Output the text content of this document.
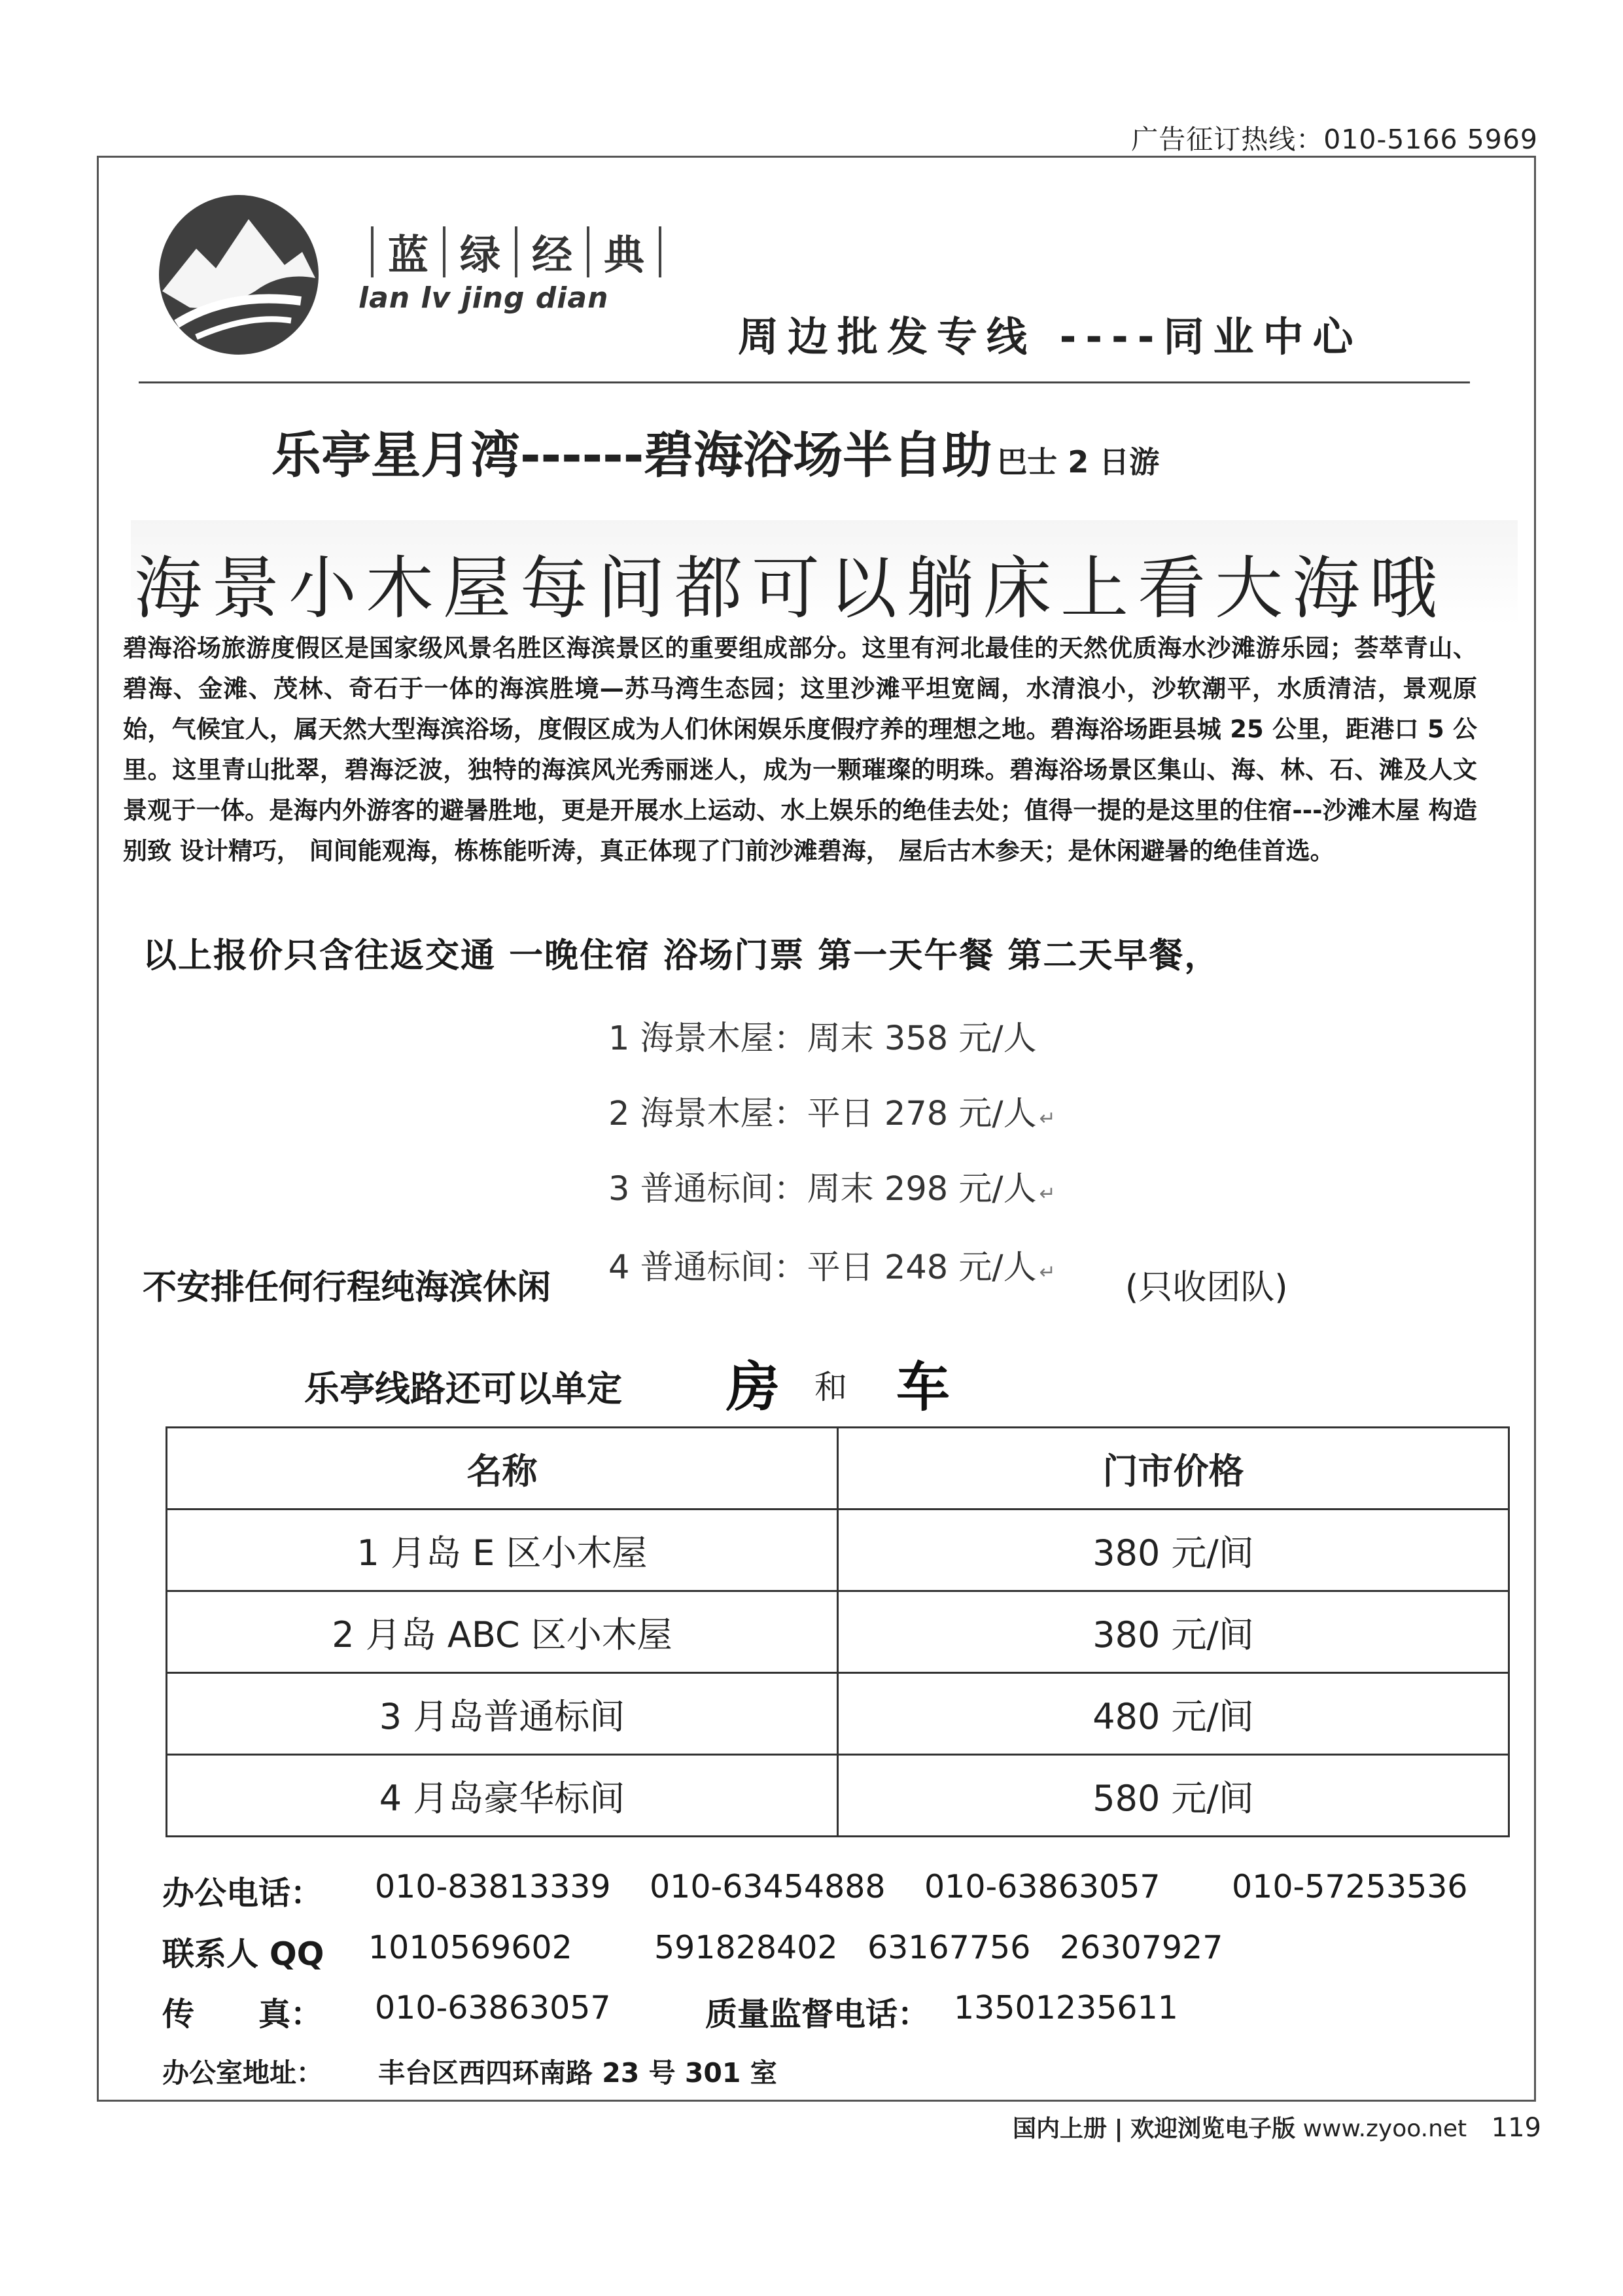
广告征订热线：010-5166 5969
蓝 绿 经 典
lan lv jing dian
周边批发专线 ----同业中心
乐亭星月湾------碧海浴场半自助 巴士 2 日游
海景小木屋每间都可以躺床上看大海哦

碧海浴场旅游度假区是国家级风景名胜区海滨景区的重要组成部分。这里有河北最佳的天然优质海水沙滩游乐园；荟萃青山、碧海、金滩、茂林、奇石于一体的海滨胜境—苏马湾生态园；这里沙滩平坦宽阔，水清浪小，沙软潮平，水质清洁，景观原始，气候宜人，属天然大型海滨浴场，度假区成为人们休闲娱乐度假疗养的理想之地。碧海浴场距县城 25 公里，距港口 5 公里。这里青山批翠，碧海泛波，独特的海滨风光秀丽迷人，成为一颗璀璨的明珠。碧海浴场景区集山、海、林、石、滩及人文景观于一体。是海内外游客的避暑胜地，更是开展水上运动、水上娱乐的绝佳去处；值得一提的是这里的住宿---沙滩木屋 构造别致 设计精巧， 间间能观海，栋栋能听涛，真正体现了门前沙滩碧海， 屋后古木参天；是休闲避暑的绝佳首选。

以上报价只含往返交通 一晚住宿 浴场门票 第一天午餐 第二天早餐，
1 海景木屋：周末 358 元/人
2 海景木屋：平日 278 元/人 ↵
3 普通标间：周末 298 元/人 ↵
4 普通标间：平日 248 元/人 ↵
不安排任何行程纯海滨休闲	(只收团队)
乐亭线路还可以单定 房 和 车
名称	门市价格
1 月岛 E 区小木屋	380 元/间
2 月岛 ABC 区小木屋	380 元/间
3 月岛普通标间	480 元/间
4 月岛豪华标间	580 元/间
办公电话： 010-83813339 010-63454888 010-63863057 010-57253536
联系人 QQ 1010569602	591828402 63167756 26307927
传　　真： 010-63863057	质量监督电话： 13501235611
办公室地址： 丰台区西四环南路 23 号 301 室
国内上册 | 欢迎浏览电子版 www.zyoo.net 119
